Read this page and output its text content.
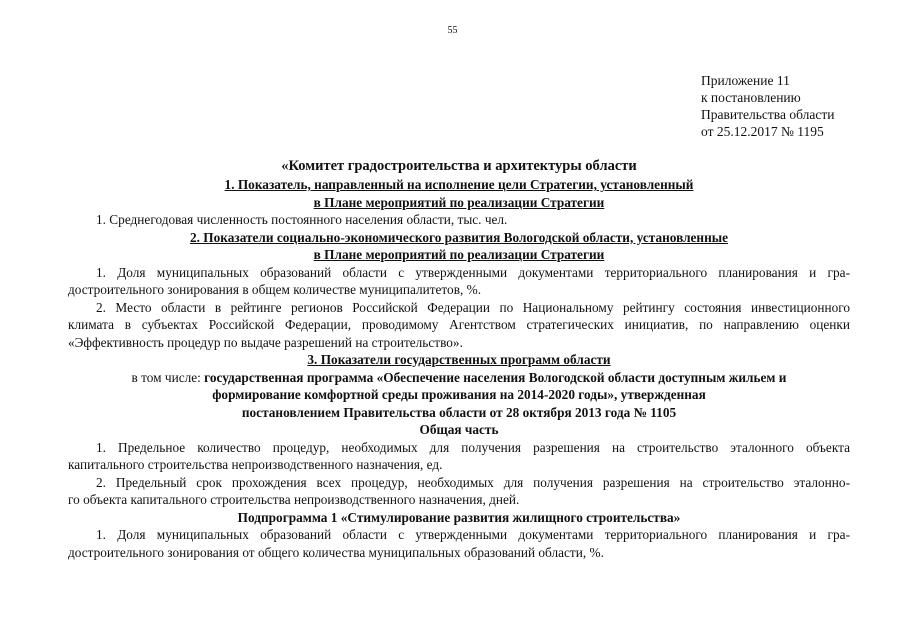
55
Приложение 11
к постановлению
Правительства области
от 25.12.2017 № 1195
«Комитет градостроительства и архитектуры области
1. Показатель, направленный на исполнение цели Стратегии, установленный
в Плане мероприятий по реализации Стратегии
1. Среднегодовая численность постоянного населения области, тыс. чел.
2. Показатели социально-экономического развития Вологодской области, установленные
в Плане мероприятий по реализации Стратегии
1. Доля муниципальных образований области с утвержденными документами территориального планирования и гра-
достроительного зонирования в общем количестве муниципалитетов, %.
2. Место области в рейтинге регионов Российской Федерации по Национальному рейтингу состояния инвестиционного
климата в субъектах Российской Федерации, проводимому Агентством стратегических инициатив, по направлению оценки
«Эффективность процедур по выдаче разрешений на строительство».
3. Показатели государственных программ области
в том числе: государственная программа «Обеспечение населения Вологодской области доступным жильем и
формирование комфортной среды проживания на 2014-2020 годы», утвержденная
постановлением Правительства области от 28 октября 2013 года № 1105
Общая часть
1. Предельное количество процедур, необходимых для получения разрешения на строительство эталонного объекта
капитального строительства непроизводственного назначения, ед.
2. Предельный срок прохождения всех процедур, необходимых для получения разрешения на строительство эталонно-
го объекта капитального строительства непроизводственного назначения, дней.
Подпрограмма 1 «Стимулирование развития жилищного строительства»
1. Доля муниципальных образований области с утвержденными документами территориального планирования и гра-
достроительного зонирования от общего количества муниципальных образований области, %.
